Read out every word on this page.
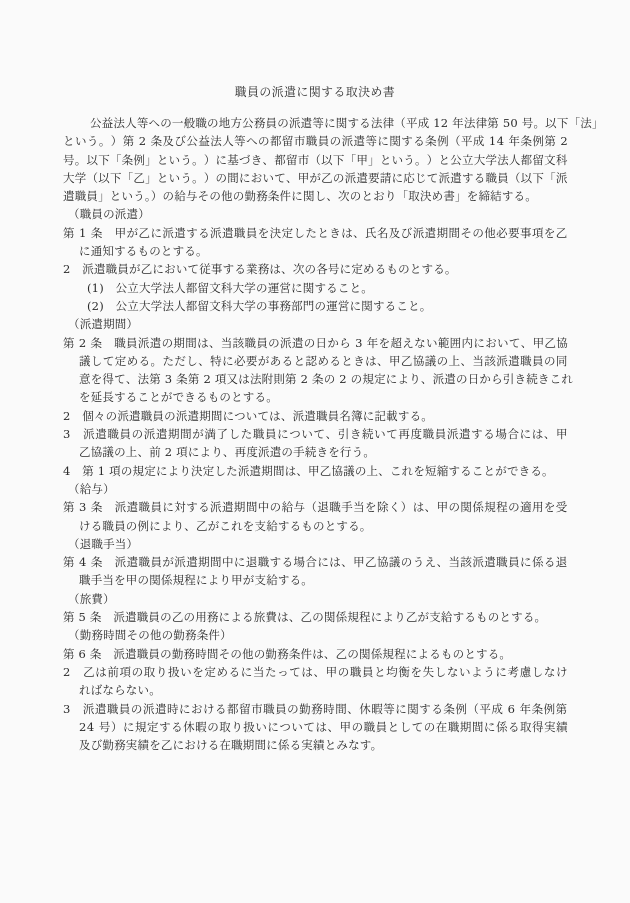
職員の派遣に関する取決め書
公 益 法 人 等 へ の 一 般 職 の 地 方 公 務 員 の 派 遣 等 に 関 す る 法 律 （ 平 成
1 2
年 法 律 第
5 0
号 。 以 下 「 法 」
と い う 。 ） 第
2
条 及 び 公 益 法 人 等 へ の 都 留 市 職 員 の 派 遣 等 に 関 す る 条 例 （ 平 成
1 4
年 条 例 第
2
号 。 以 下 「 条 例 」 と い う 。 ） に 基 づ き 、 都 留 市 （ 以 下 「 甲 」 と い う 。 ） と 公 立 大 学 法 人 都 留 文 科
大 学 （ 以 下 「 乙 」 と い う 。 ） の 間 に お い て 、 甲 が 乙 の 派 遣 要 請 に 応 じ て 派 遣 す る 職 員 （ 以 下 「 派
遣職員」という。）の給与その他の勤務条件に関し、次のとおり「取決め書」を締結する。
（職員の派遣）
第
1
条
　 甲 が 乙 に 派 遣 す る 派 遣 職 員 を 決 定 し た と き は 、 氏 名 及 び 派 遣 期 間 そ の 他 必 要 事 項 を 乙
に通知するものとする。
2　派遣職員が乙において従事する業務は、次の各号に定めるものとする。
(1)　公立大学法人都留文科大学の運営に関すること。
(2)　公立大学法人都留文科大学の事務部門の運営に関すること。
（派遣期間）
第
2
条
　 職 員 派 遣 の 期 間 は 、 当 該 職 員 の 派 遣 の 日 か ら
3
年 を 超 え な い 範 囲 内 に お い て 、 甲 乙 協
議 し て 定 め る 。 た だ し 、 特 に 必 要 が あ る と 認 め る と き は 、 甲 乙 協 議 の 上 、 当 該 派 遣 職 員 の 同
意 を 得 て 、 法 第
3
条 第
2
項 又 は 法 附 則 第
2
条 の
2
の 規 定 に よ り 、 派 遣 の 日 か ら 引 き 続 き こ れ
を延長することができるものとする。
2　個々の派遣職員の派遣期間については、派遣職員名簿に記載する。
3
　 派 遣 職 員 の 派 遣 期 間 が 満 了 し た 職 員 に つ い て 、 引 き 続 い て 再 度 職 員 派 遣 す る 場 合 に は 、 甲
乙協議の上、前 2 項により、再度派遣の手続きを行う。
4　第 1 項の規定により決定した派遣期間は、甲乙協議の上、これを短縮することができる。
（給与）
第
3
条
　 派 遣 職 員 に 対 す る 派 遣 期 間 中 の 給 与 （ 退 職 手 当 を 除 く ） は 、 甲 の 関 係 規 程 の 適 用 を 受
ける職員の例により、乙がこれを支給するものとする。
（退職手当）
第
4
条
　 派 遣 職 員 が 派 遣 期 間 中 に 退 職 す る 場 合 に は 、 甲 乙 協 議 の う え 、 当 該 派 遣 職 員 に 係 る 退
職手当を甲の関係規程により甲が支給する。
（旅費）
第 5 条　派遣職員の乙の用務による旅費は、乙の関係規程により乙が支給するものとする。
（勤務時間その他の勤務条件）
第 6 条　派遣職員の勤務時間その他の勤務条件は、乙の関係規程によるものとする。
2
　 乙 は 前 項 の 取 り 扱 い を 定 め る に 当 た っ て は 、 甲 の 職 員 と 均 衡 を 失 し な い よ う に 考 慮 し な け
ればならない。
3
　 派 遣 職 員 の 派 遣 時 に お け る 都 留 市 職 員 の 勤 務 時 間 、 休 暇 等 に 関 す る 条 例 （ 平 成
6
年 条 例 第
2 4
号 ） に 規 定 す る 休 暇 の 取 り 扱 い に つ い て は 、 甲 の 職 員 と し て の 在 職 期 間 に 係 る 取 得 実 績
及び勤務実績を乙における在職期間に係る実績とみなす。
